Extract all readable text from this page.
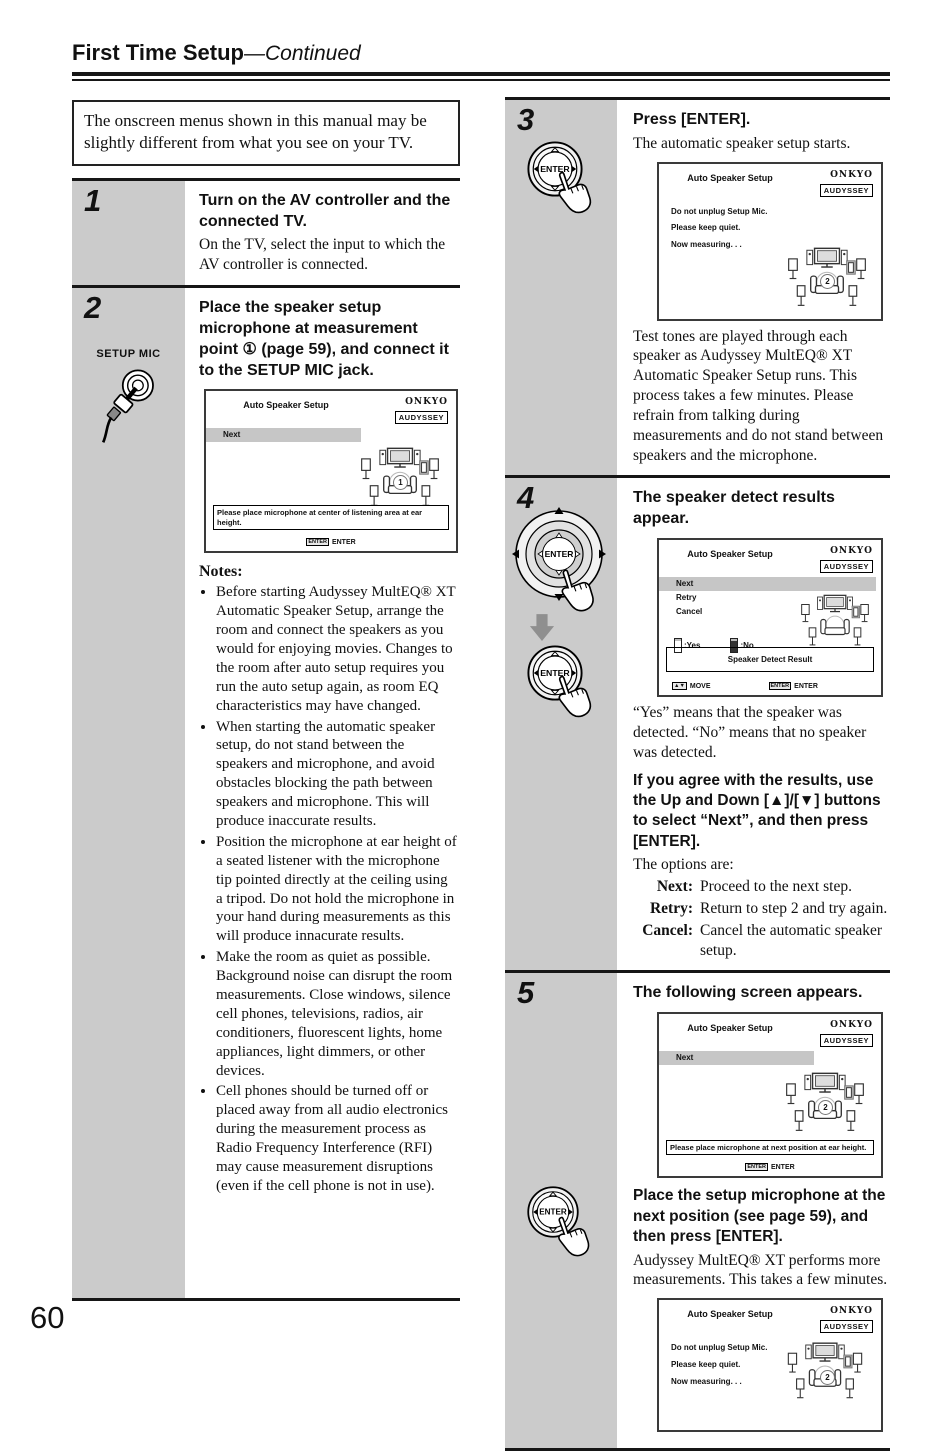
First Time Setup—Continued
The onscreen menus shown in this manual may be slightly different from what you see on your TV.
1	Turn on the AV controller and the connected TV.
On the TV, select the input to which the AV controller is connected.
2
SETUP MIC
Place the speaker setup microphone at measurement point ① (page 59), and connect it to the SETUP MIC jack.
Auto Speaker Setup	ONKYO
AUDYSSEY
Next
1
Please place microphone at center of listening area at ear height.
ENTER ENTER
Notes:
• Before starting Audyssey MultEQ® XT Automatic Speaker Setup, arrange the room and connect the speakers as you would for enjoying movies. Changes to the room after auto setup requires you run the auto setup again, as room EQ characteristics may have changed.
• When starting the automatic speaker setup, do not stand between the speakers and microphone, and avoid obstacles blocking the path between speakers and microphone. This will produce inaccurate results.
• Position the microphone at ear height of a seated listener with the microphone tip pointed directly at the ceiling using a tripod. Do not hold the microphone in your hand during measurements as this will produce innacurate results.
• Make the room as quiet as possible. Background noise can disrupt the room measurements. Close windows, silence cell phones, televisions, radios, air conditioners, fluorescent lights, home appliances, light dimmers, or other devices.
• Cell phones should be turned off or placed away from all audio electronics during the measurement process as Radio Frequency Interference (RFI) may cause measurement disruptions (even if the cell phone is not in use).
3	Press [ENTER].
The automatic speaker setup starts.
Auto Speaker Setup	ONKYO
AUDYSSEY
Do not unplug Setup Mic.
Please keep quiet.
Now measuring. . .
2
Test tones are played through each speaker as Audyssey MultEQ® XT Automatic Speaker Setup runs. This process takes a few minutes. Please refrain from talking during measurements and do not stand between speakers and the microphone.
4	The speaker detect results appear.
Auto Speaker Setup	ONKYO
AUDYSSEY
Next
Retry
Cancel
:Yes	:No
Speaker Detect Result
▲▼ MOVE	ENTER ENTER
“Yes” means that the speaker was detected. “No” means that no speaker was detected.
If you agree with the results, use the Up and Down [▲]/[▼] buttons to select “Next”, and then press [ENTER].
The options are:
Next: Proceed to the next step.
Retry: Return to step 2 and try again.
Cancel: Cancel the automatic speaker setup.
5	The following screen appears.
Auto Speaker Setup	ONKYO
AUDYSSEY
Next
2
Please place microphone at next position at ear height.
ENTER ENTER
Place the setup microphone at the next position (see page 59), and then press [ENTER].
Audyssey MultEQ® XT performs more measurements. This takes a few minutes.
Auto Speaker Setup	ONKYO
AUDYSSEY
Do not unplug Setup Mic.
Please keep quiet.
Now measuring. . .	2
60
